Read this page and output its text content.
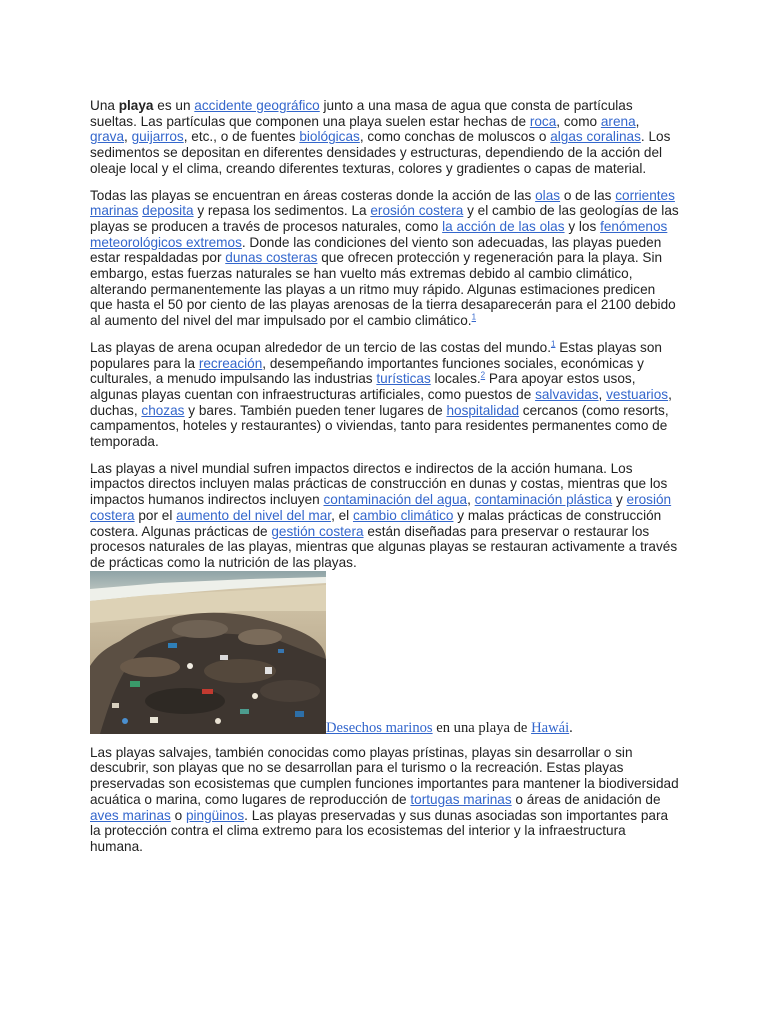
Una playa es un accidente geográfico junto a una masa de agua que consta de partículas sueltas. Las partículas que componen una playa suelen estar hechas de roca, como arena, grava, guijarros, etc., o de fuentes biológicas, como conchas de moluscos o algas coralinas. Los sedimentos se depositan en diferentes densidades y estructuras, dependiendo de la acción del oleaje local y el clima, creando diferentes texturas, colores y gradientes o capas de material.

Todas las playas se encuentran en áreas costeras donde la acción de las olas o de las corrientes marinas deposita y repasa los sedimentos. La erosión costera y el cambio de las geologías de las playas se producen a través de procesos naturales, como la acción de las olas y los fenómenos meteorológicos extremos. Donde las condiciones del viento son adecuadas, las playas pueden estar respaldadas por dunas costeras que ofrecen protección y regeneración para la playa. Sin embargo, estas fuerzas naturales se han vuelto más extremas debido al cambio climático, alterando permanentemente las playas a un ritmo muy rápido. Algunas estimaciones predicen que hasta el 50 por ciento de las playas arenosas de la tierra desaparecerán para el 2100 debido al aumento del nivel del mar impulsado por el cambio climático.$^1$

Las playas de arena ocupan alrededor de un tercio de las costas del mundo.$^1$ Estas playas son populares para la recreación, desempeñando importantes funciones sociales, económicas y culturales, a menudo impulsando las industrias turísticas locales.$^2$ Para apoyar estos usos, algunas playas cuentan con infraestructuras artificiales, como puestos de salvavidas, vestuarios, duchas, chozas y bares. También pueden tener lugares de hospitalidad cercanos (como resorts, campamentos, hoteles y restaurantes) o viviendas, tanto para residentes permanentes como de temporada.

Las playas a nivel mundial sufren impactos directos e indirectos de la acción humana. Los impactos directos incluyen malas prácticas de construcción en dunas y costas, mientras que los impactos humanos indirectos incluyen contaminación del agua, contaminación plástica y erosión costera por el aumento del nivel del mar, el cambio climático y malas prácticas de construcción costera. Algunas prácticas de gestión costera están diseñadas para preservar o restaurar los procesos naturales de las playas, mientras que algunas playas se restauran activamente a través de prácticas como la nutrición de las playas.

Desechos marinos en una playa de Hawái.

Las playas salvajes, también conocidas como playas prístinas, playas sin desarrollar o sin descubrir, son playas que no se desarrollan para el turismo o la recreación. Estas playas preservadas son ecosistemas que cumplen funciones importantes para mantener la biodiversidad acuática o marina, como lugares de reproducción de tortugas marinas o áreas de anidación de aves marinas o pingüinos. Las playas preservadas y sus dunas asociadas son importantes para la protección contra el clima extremo para los ecosistemas del interior y la infraestructura humana.
